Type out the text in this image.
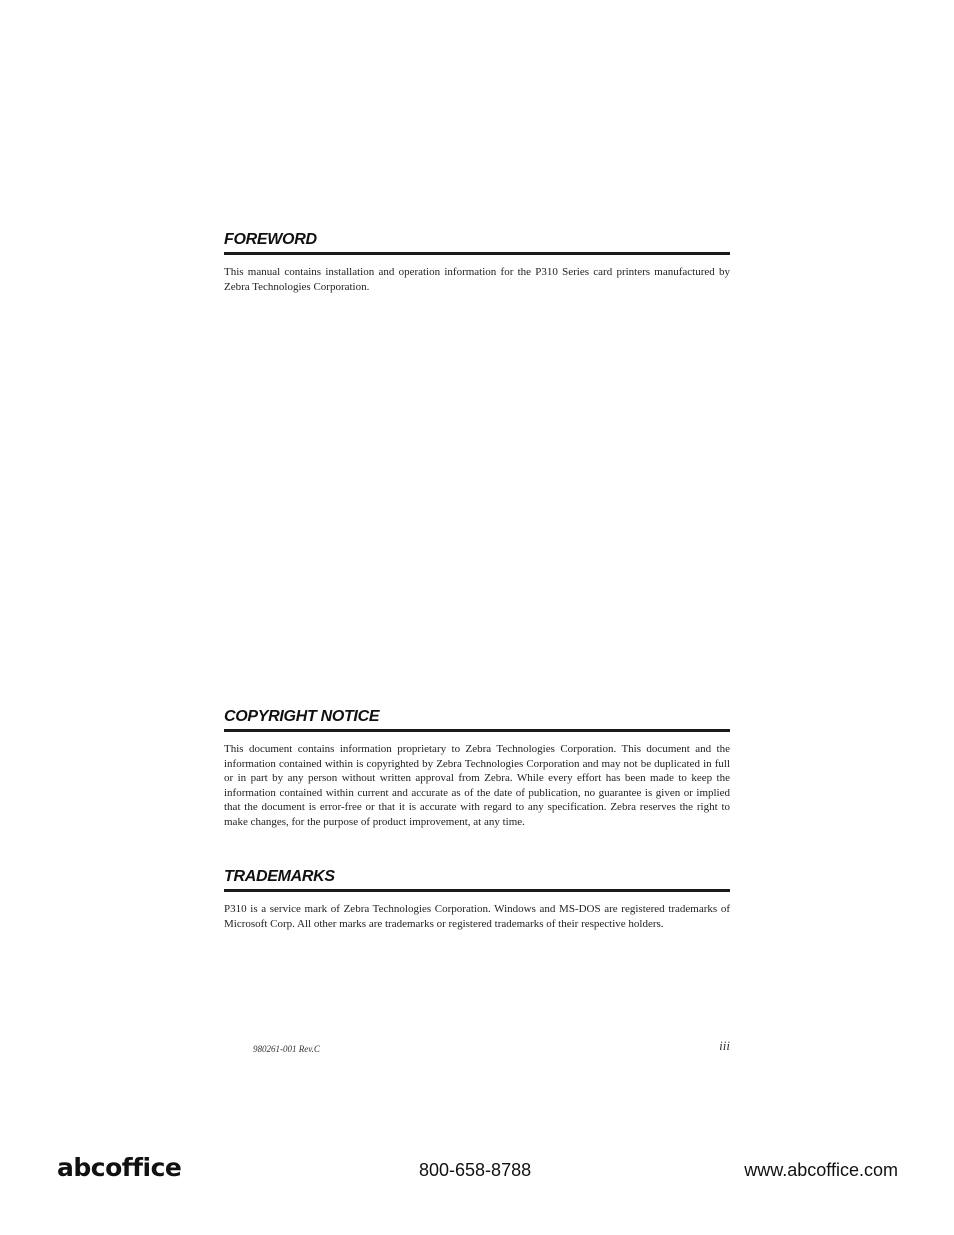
FOREWORD

This manual contains installation and operation information for the P310 Series card printers manufactured by Zebra Technologies Corporation.

COPYRIGHT NOTICE

This document contains information proprietary to Zebra Technologies Corporation. This document and the information contained within is copyrighted by Zebra Technologies Corporation and may not be duplicated in full or in part by any person without written approval from Zebra. While every effort has been made to keep the information contained within current and accurate as of the date of publication, no guarantee is given or implied that the document is error-free or that it is accurate with regard to any specification. Zebra reserves the right to make changes, for the purpose of product improvement, at any time.

TRADEMARKS

P310 is a service mark of Zebra Technologies Corporation. Windows and MS-DOS are registered trademarks of Microsoft Corp. All other marks are trademarks or registered trademarks of their respective holders.

980261-001 Rev.C	iii
abcoffice	800-658-8788	www.abcoffice.com
